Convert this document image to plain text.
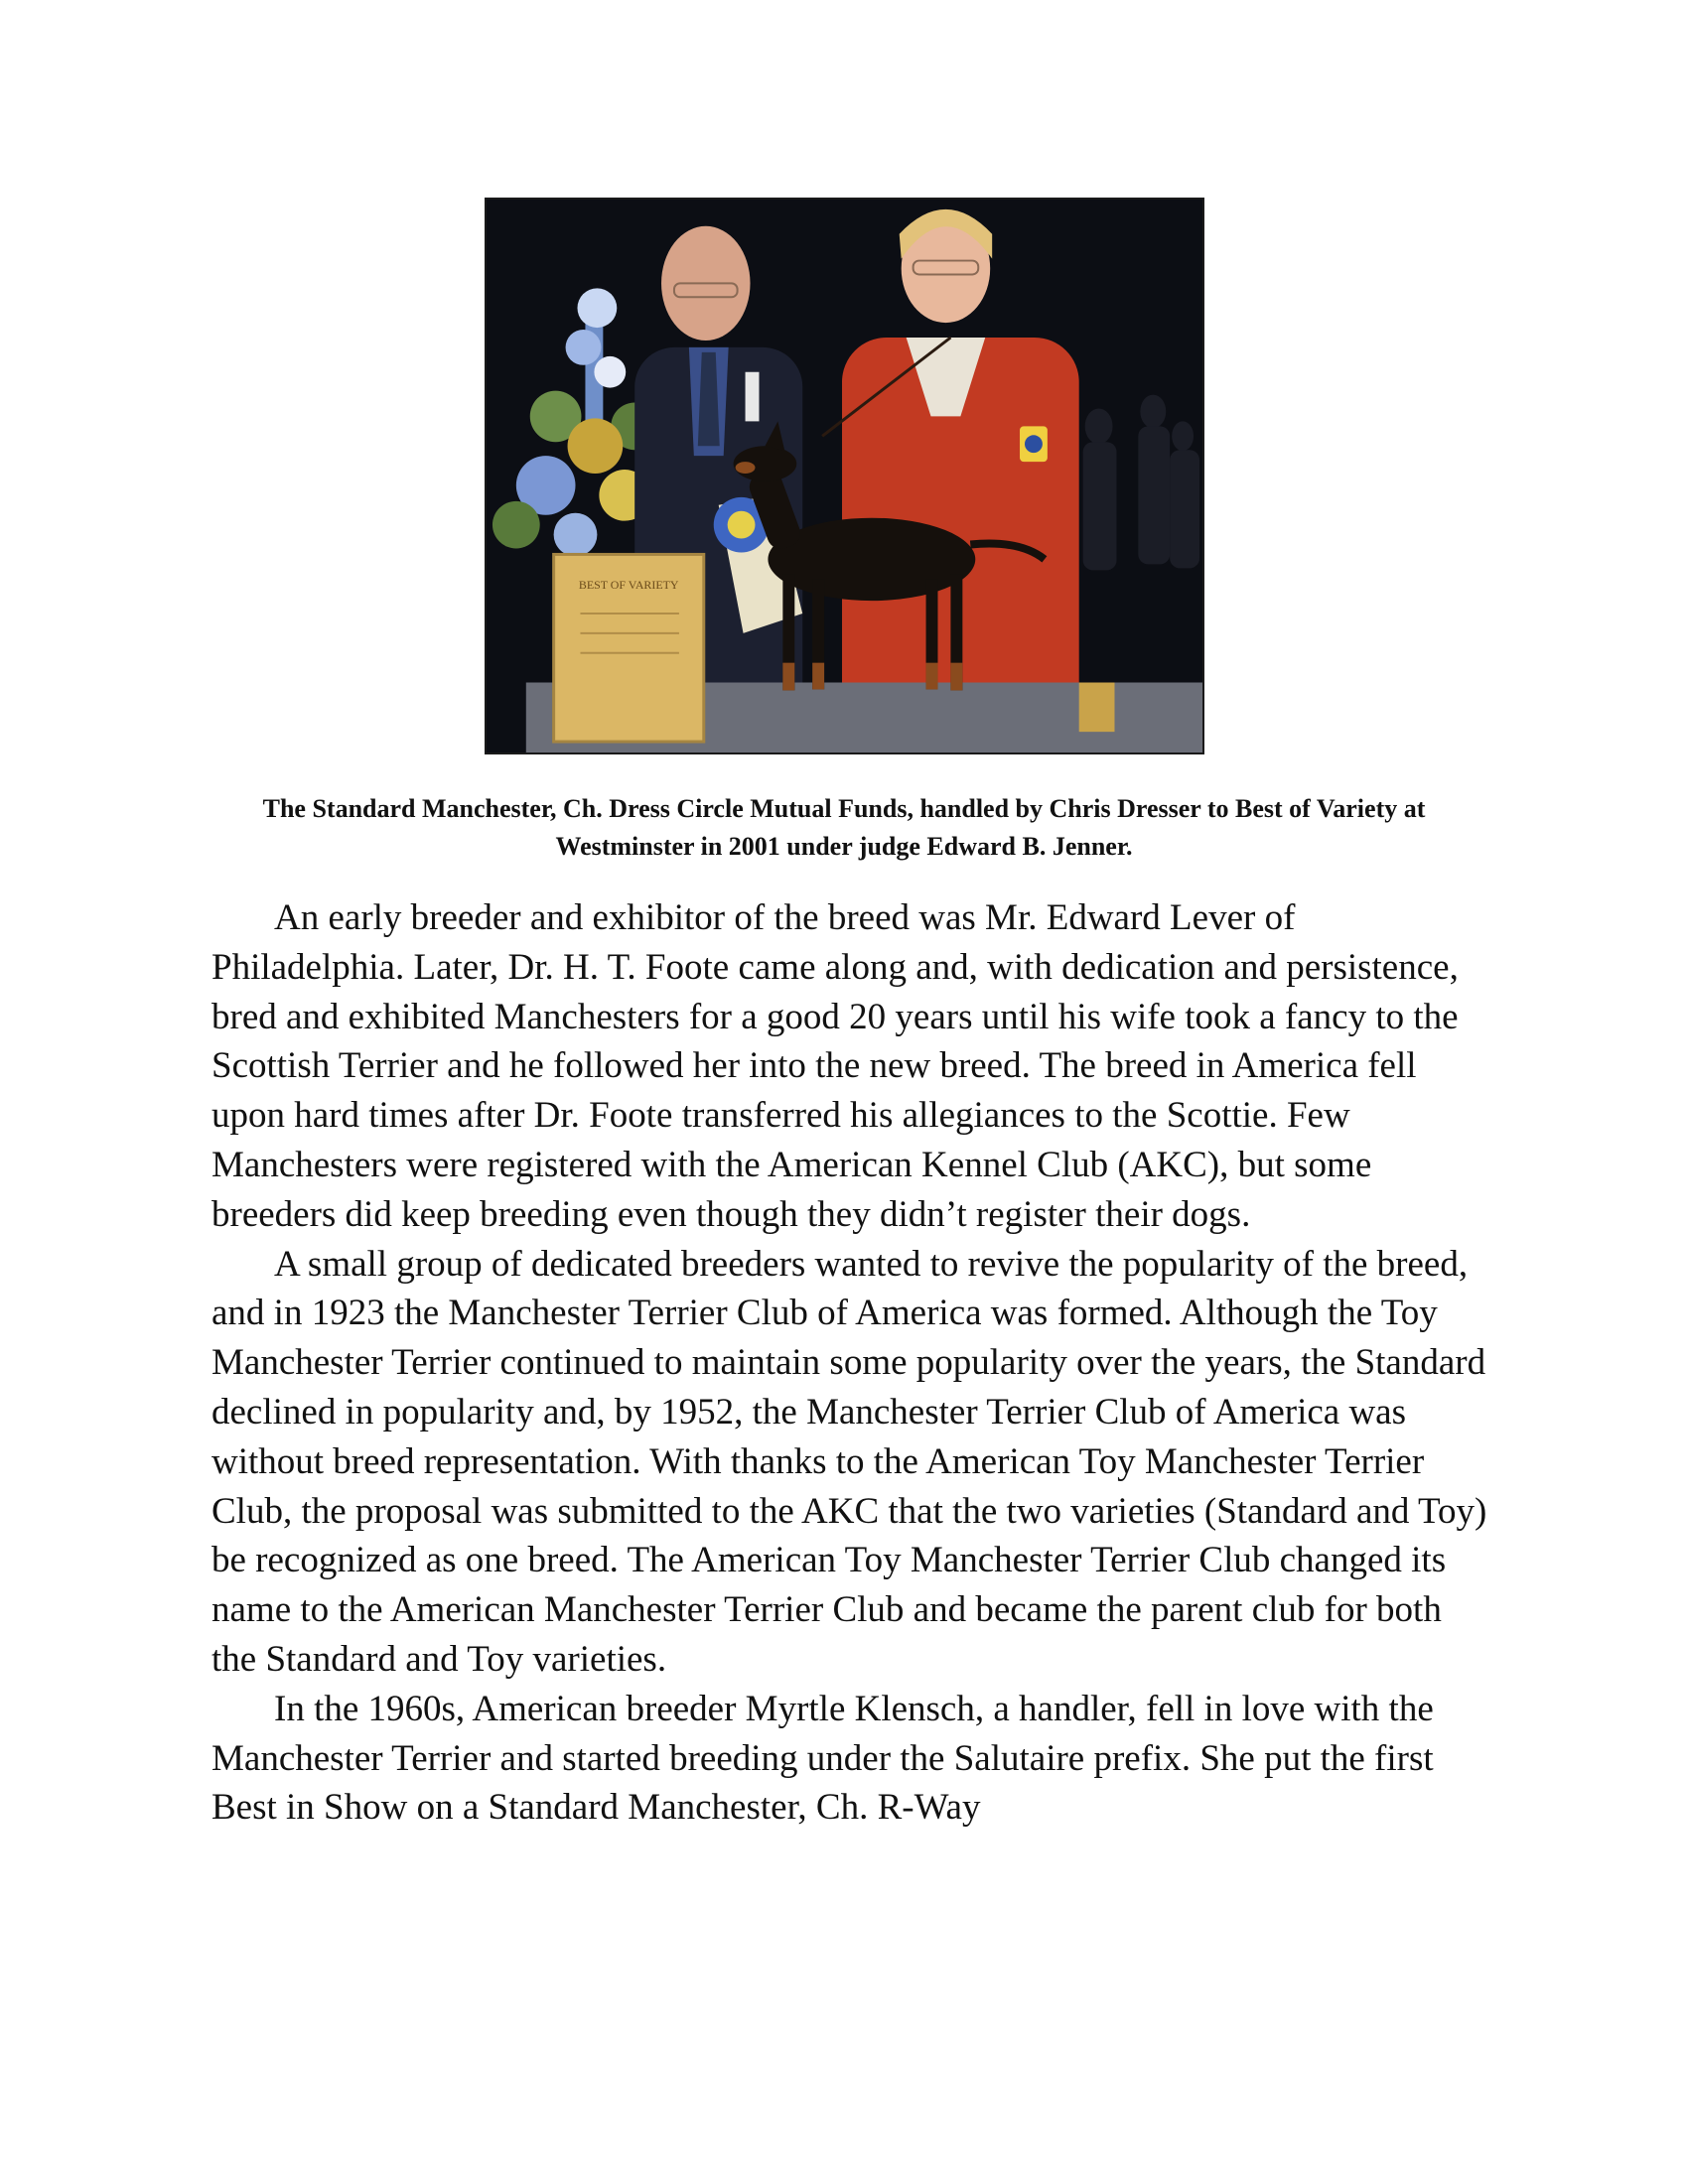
BEST OF VARIETY

The Standard Manchester, Ch. Dress Circle Mutual Funds, handled by Chris Dresser to Best of Variety at Westminster in 2001 under judge Edward B. Jenner.

An early breeder and exhibitor of the breed was Mr. Edward Lever of Philadelphia. Later, Dr. H. T. Foote came along and, with dedication and persistence, bred and exhibited Manchesters for a good 20 years until his wife took a fancy to the Scottish Terrier and he followed her into the new breed. The breed in America fell upon hard times after Dr. Foote transferred his allegiances to the Scottie. Few Manchesters were registered with the American Kennel Club (AKC), but some breeders did keep breeding even though they didn’t register their dogs.

A small group of dedicated breeders wanted to revive the popularity of the breed, and in 1923 the Manchester Terrier Club of America was formed. Although the Toy Manchester Terrier continued to maintain some popularity over the years, the Standard declined in popularity and, by 1952, the Manchester Terrier Club of America was without breed representation. With thanks to the American Toy Manchester Terrier Club, the proposal was submitted to the AKC that the two varieties (Standard and Toy) be recognized as one breed. The American Toy Manchester Terrier Club changed its name to the American Manchester Terrier Club and became the parent club for both the Standard and Toy varieties.

In the 1960s, American breeder Myrtle Klensch, a handler, fell in love with the Manchester Terrier and started breeding under the Salutaire prefix. She put the first Best in Show on a Standard Manchester, Ch. R-Way
